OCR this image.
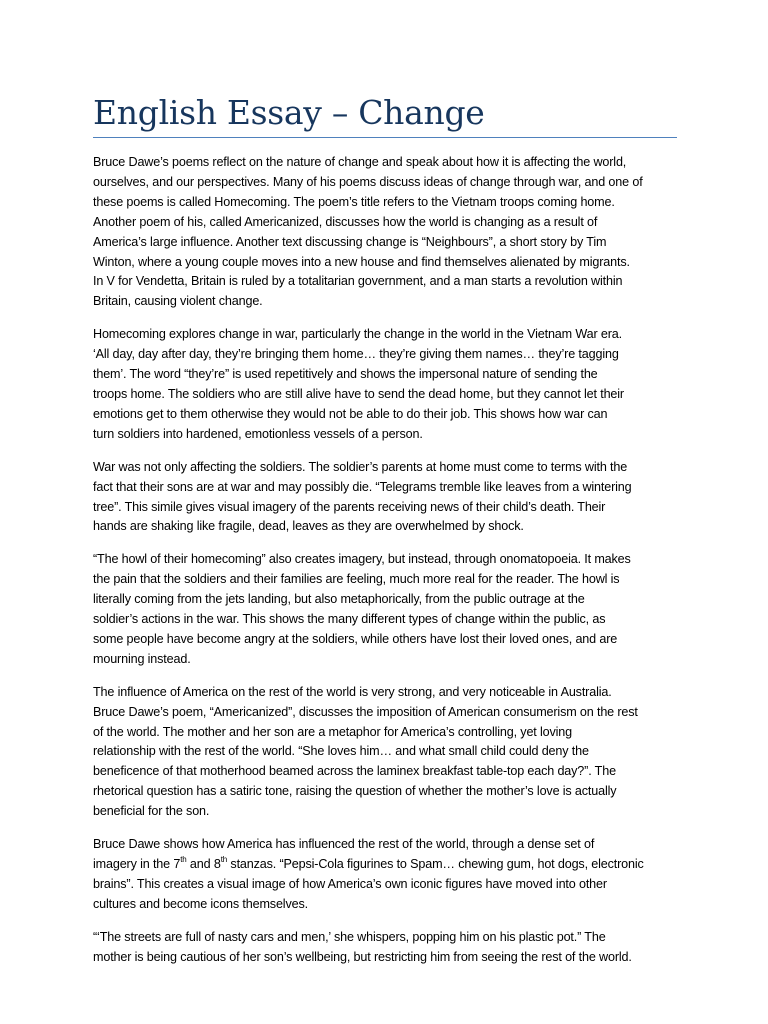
English Essay – Change

Bruce Dawe’s poems reflect on the nature of change and speak about how it is affecting the world,
ourselves, and our perspectives. Many of his poems discuss ideas of change through war, and one of
these poems is called Homecoming. The poem’s title refers to the Vietnam troops coming home.
Another poem of his, called Americanized, discusses how the world is changing as a result of
America’s large influence. Another text discussing change is “Neighbours”, a short story by Tim
Winton, where a young couple moves into a new house and find themselves alienated by migrants.
In V for Vendetta, Britain is ruled by a totalitarian government, and a man starts a revolution within
Britain, causing violent change.

Homecoming explores change in war, particularly the change in the world in the Vietnam War era.
‘All day, day after day, they’re bringing them home… they’re giving them names… they’re tagging
them’. The word “they’re” is used repetitively and shows the impersonal nature of sending the
troops home. The soldiers who are still alive have to send the dead home, but they cannot let their
emotions get to them otherwise they would not be able to do their job. This shows how war can
turn soldiers into hardened, emotionless vessels of a person.

War was not only affecting the soldiers. The soldier’s parents at home must come to terms with the
fact that their sons are at war and may possibly die. “Telegrams tremble like leaves from a wintering
tree”. This simile gives visual imagery of the parents receiving news of their child’s death. Their
hands are shaking like fragile, dead, leaves as they are overwhelmed by shock.

“The howl of their homecoming” also creates imagery, but instead, through onomatopoeia. It makes
the pain that the soldiers and their families are feeling, much more real for the reader. The howl is
literally coming from the jets landing, but also metaphorically, from the public outrage at the
soldier’s actions in the war. This shows the many different types of change within the public, as
some people have become angry at the soldiers, while others have lost their loved ones, and are
mourning instead.

The influence of America on the rest of the world is very strong, and very noticeable in Australia.
Bruce Dawe’s poem, “Americanized”, discusses the imposition of American consumerism on the rest
of the world. The mother and her son are a metaphor for America’s controlling, yet loving
relationship with the rest of the world. “She loves him… and what small child could deny the
beneficence of that motherhood beamed across the laminex breakfast table-top each day?”. The
rhetorical question has a satiric tone, raising the question of whether the mother’s love is actually
beneficial for the son.

Bruce Dawe shows how America has influenced the rest of the world, through a dense set of
imagery in the 7th and 8th stanzas. “Pepsi-Cola figurines to Spam… chewing gum, hot dogs, electronic
brains”. This creates a visual image of how America’s own iconic figures have moved into other
cultures and become icons themselves.

“‘The streets are full of nasty cars and men,’ she whispers, popping him on his plastic pot.” The
mother is being cautious of her son’s wellbeing, but restricting him from seeing the rest of the world.
